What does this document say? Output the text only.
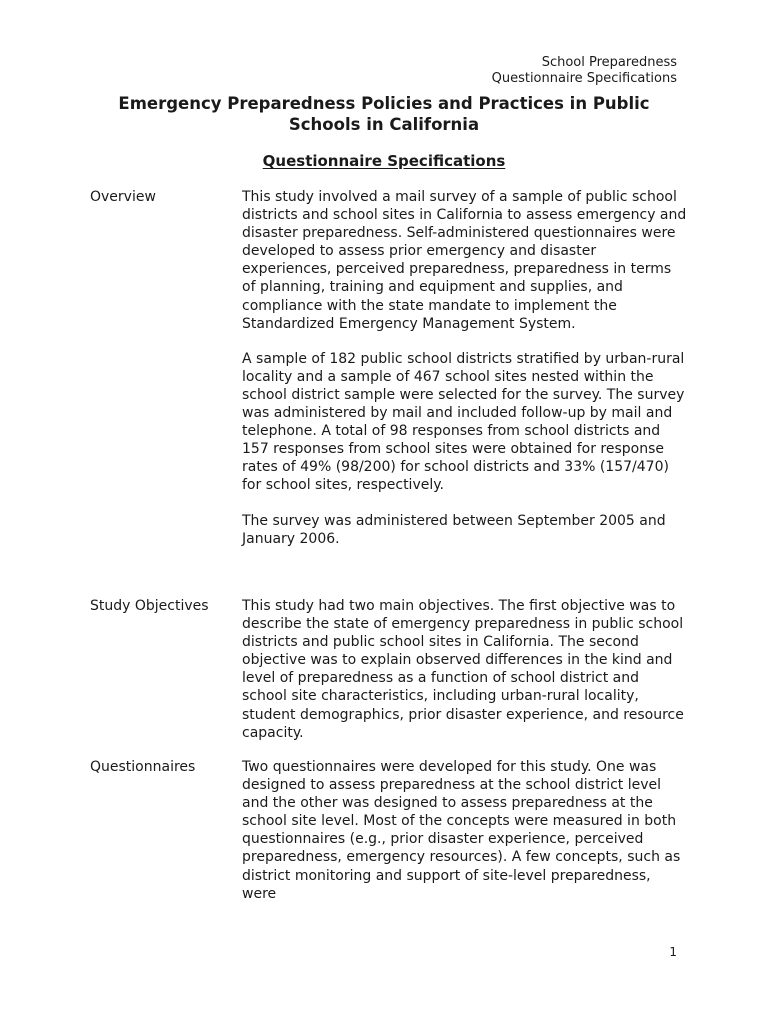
School Preparedness
Questionnaire Specifications
Emergency Preparedness Policies and Practices in Public Schools in California
Questionnaire Specifications
Overview	This study involved a mail survey of a sample of public school districts and school sites in California to assess emergency and disaster preparedness. Self-administered questionnaires were developed to assess prior emergency and disaster experiences, perceived preparedness, preparedness in terms of planning, training and equipment and supplies, and compliance with the state mandate to implement the Standardized Emergency Management System.

A sample of 182 public school districts stratified by urban-rural locality and a sample of 467 school sites nested within the school district sample were selected for the survey. The survey was administered by mail and included follow-up by mail and telephone. A total of 98 responses from school districts and 157 responses from school sites were obtained for response rates of 49% (98/200) for school districts and 33% (157/470) for school sites, respectively.

The survey was administered between September 2005 and January 2006.

Study Objectives	This study had two main objectives. The first objective was to describe the state of emergency preparedness in public school districts and public school sites in California. The second objective was to explain observed differences in the kind and level of preparedness as a function of school district and school site characteristics, including urban-rural locality, student demographics, prior disaster experience, and resource capacity.

Questionnaires	Two questionnaires were developed for this study. One was designed to assess preparedness at the school district level and the other was designed to assess preparedness at the school site level. Most of the concepts were measured in both questionnaires (e.g., prior disaster experience, perceived preparedness, emergency resources). A few concepts, such as district monitoring and support of site-level preparedness, were

1
